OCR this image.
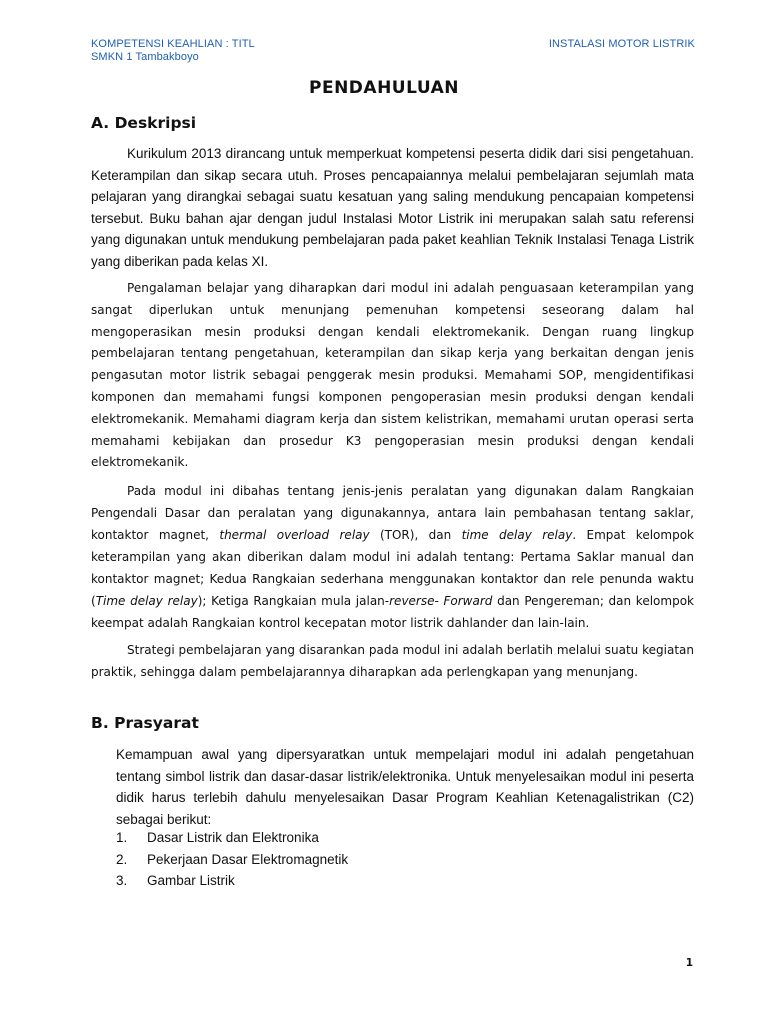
KOMPETENSI KEAHLIAN : TITL
SMKN 1 Tambakboyo
INSTALASI MOTOR LISTRIK
PENDAHULUAN
A. Deskripsi

Kurikulum 2013 dirancang untuk memperkuat kompetensi peserta didik dari sisi pengetahuan. Keterampilan dan sikap secara utuh. Proses pencapaiannya melalui pembelajaran sejumlah mata pelajaran yang dirangkai sebagai suatu kesatuan yang saling mendukung pencapaian kompetensi tersebut. Buku bahan ajar dengan judul Instalasi Motor Listrik ini merupakan salah satu referensi yang digunakan untuk mendukung pembelajaran pada paket keahlian Teknik Instalasi Tenaga Listrik yang diberikan pada kelas XI.

Pengalaman belajar yang diharapkan dari modul ini adalah penguasaan keterampilan yang sangat diperlukan untuk menunjang pemenuhan kompetensi seseorang dalam hal mengoperasikan mesin produksi dengan kendali elektromekanik. Dengan ruang lingkup pembelajaran tentang pengetahuan, keterampilan dan sikap kerja yang berkaitan dengan jenis pengasutan motor listrik sebagai penggerak mesin produksi. Memahami SOP, mengidentifikasi komponen dan memahami fungsi komponen pengoperasian mesin produksi dengan kendali elektromekanik. Memahami diagram kerja dan sistem kelistrikan, memahami urutan operasi serta memahami kebijakan dan prosedur K3 pengoperasian mesin produksi dengan kendali elektromekanik.

Pada modul ini dibahas tentang jenis-jenis peralatan yang digunakan dalam Rangkaian Pengendali Dasar dan peralatan yang digunakannya, antara lain pembahasan tentang saklar, kontaktor magnet, thermal overload relay (TOR), dan time delay relay. Empat kelompok keterampilan yang akan diberikan dalam modul ini adalah tentang: Pertama Saklar manual dan kontaktor magnet; Kedua Rangkaian sederhana menggunakan kontaktor dan rele penunda waktu (Time delay relay); Ketiga Rangkaian mula jalan-reverse- Forward dan Pengereman; dan kelompok keempat adalah Rangkaian kontrol kecepatan motor listrik dahlander dan lain-lain.

Strategi pembelajaran yang disarankan pada modul ini adalah berlatih melalui suatu kegiatan praktik, sehingga dalam pembelajarannya diharapkan ada perlengkapan yang menunjang.

B. Prasyarat

Kemampuan awal yang dipersyaratkan untuk mempelajari modul ini adalah pengetahuan tentang simbol listrik dan dasar-dasar listrik/elektronika. Untuk menyelesaikan modul ini peserta didik harus terlebih dahulu menyelesaikan Dasar Program Keahlian Ketenagalistrikan (C2) sebagai berikut:

1.	Dasar Listrik dan Elektronika
2.	Pekerjaan Dasar Elektromagnetik
3.	Gambar Listrik
1
